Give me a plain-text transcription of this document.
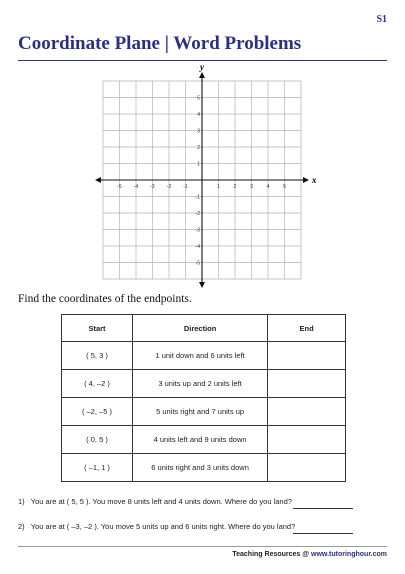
S1
Coordinate Plane | Word Problems
-5 -4 -3 -2 -1	1	2	3	4	5
5
4
3
2
1
-1
-2
-3
-4
-5
x
y
Find the coordinates of the endpoints.
Start	Direction	End
( 5, 3 )	1 unit down and 6 units left	
( 4, –2 )	3 units up and 2 units left	
( –2, –5 )	5 units right and 7 units up	
( 0, 5 )	4 units left and 9 units down	
( –1, 1 )	6 units right and 3 units down	
1) You are at ( 5, 5 ). You move 8 units left and 4 units down. Where do you land?
2) You are at ( –3, –2 ). You move 5 units up and 6 units right. Where do you land?
Teaching Resources @ www.tutoringhour.com
